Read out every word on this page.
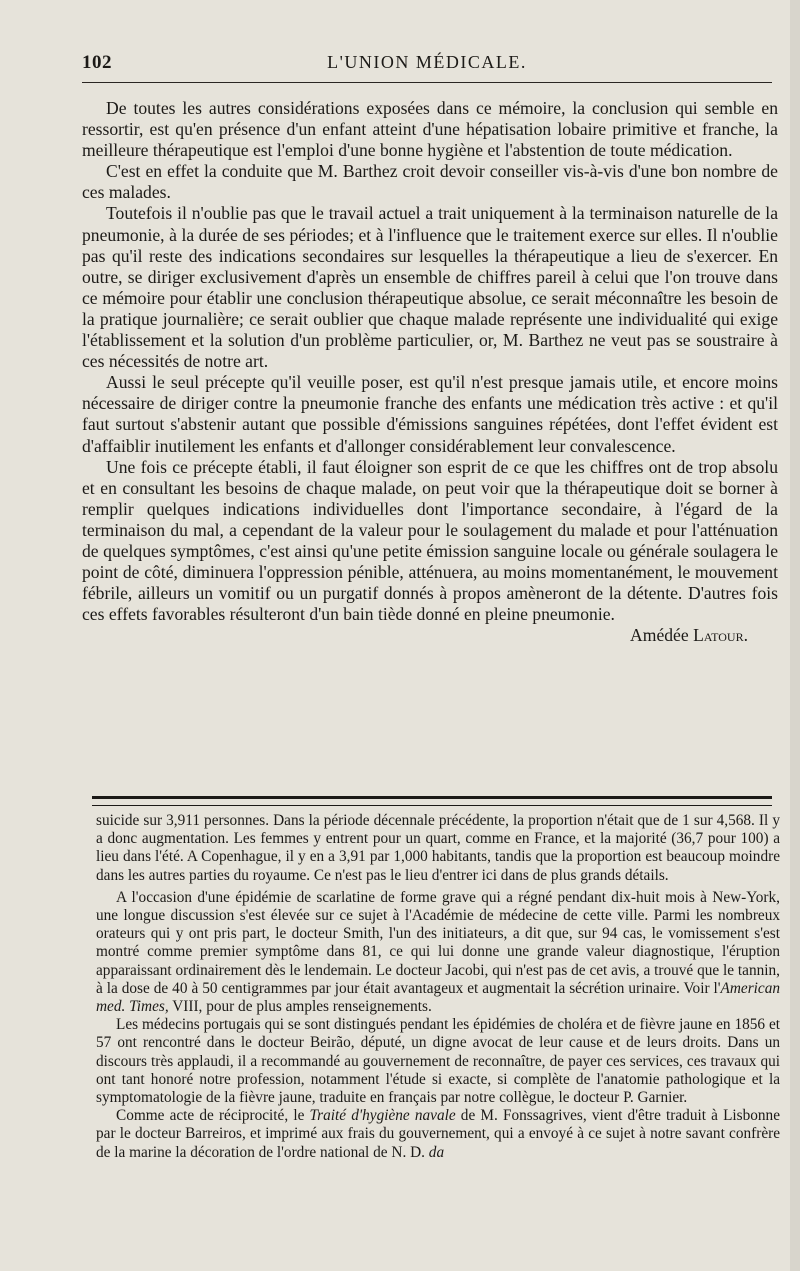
102	L'UNION MÉDICALE.

De toutes les autres considérations exposées dans ce mémoire, la conclusion qui semble en ressortir, est qu'en présence d'un enfant atteint d'une hépatisation lobaire primitive et franche, la meilleure thérapeutique est l'emploi d'une bonne hygiène et l'abstention de toute médication.

C'est en effet la conduite que M. Barthez croit devoir conseiller vis-à-vis d'une bon nombre de ces malades.

Toutefois il n'oublie pas que le travail actuel a trait uniquement à la terminaison naturelle de la pneumonie, à la durée de ses périodes; et à l'influence que le traitement exerce sur elles. Il n'oublie pas qu'il reste des indications secondaires sur lesquelles la thérapeutique a lieu de s'exercer. En outre, se diriger exclusivement d'après un ensemble de chiffres pareil à celui que l'on trouve dans ce mémoire pour établir une conclusion thérapeutique absolue, ce serait méconnaître les besoin de la pratique journalière; ce serait oublier que chaque malade représente une individualité qui exige l'établissement et la solution d'un problème particulier, or, M. Barthez ne veut pas se soustraire à ces nécessités de notre art.

Aussi le seul précepte qu'il veuille poser, est qu'il n'est presque jamais utile, et encore moins nécessaire de diriger contre la pneumonie franche des enfants une médication très active : et qu'il faut surtout s'abstenir autant que possible d'émissions sanguines répétées, dont l'effet évident est d'affaiblir inutilement les enfants et d'allonger considérablement leur convalescence.

Une fois ce précepte établi, il faut éloigner son esprit de ce que les chiffres ont de trop absolu et en consultant les besoins de chaque malade, on peut voir que la thérapeutique doit se borner à remplir quelques indications individuelles dont l'importance secondaire, à l'égard de la terminaison du mal, a cependant de la valeur pour le soulagement du malade et pour l'atténuation de quelques symptômes, c'est ainsi qu'une petite émission sanguine locale ou générale soulagera le point de côté, diminuera l'oppression pénible, atténuera, au moins momentanément, le mouvement fébrile, ailleurs un vomitif ou un purgatif donnés à propos amèneront de la détente. D'autres fois ces effets favorables résulteront d'un bain tiède donné en pleine pneumonie.

Amédée Latour.

suicide sur 3,911 personnes. Dans la période décennale précédente, la proportion n'était que de 1 sur 4,568. Il y a donc augmentation. Les femmes y entrent pour un quart, comme en France, et la majorité (36,7 pour 100) a lieu dans l'été. A Copenhague, il y en a 3,91 par 1,000 habitants, tandis que la proportion est beaucoup moindre dans les autres parties du royaume. Ce n'est pas le lieu d'entrer ici dans de plus grands détails.

A l'occasion d'une épidémie de scarlatine de forme grave qui a régné pendant dix-huit mois à New-York, une longue discussion s'est élevée sur ce sujet à l'Académie de médecine de cette ville. Parmi les nombreux orateurs qui y ont pris part, le docteur Smith, l'un des initiateurs, a dit que, sur 94 cas, le vomissement s'est montré comme premier symptôme dans 81, ce qui lui donne une grande valeur diagnostique, l'éruption apparaissant ordinairement dès le lendemain. Le docteur Jacobi, qui n'est pas de cet avis, a trouvé que le tannin, à la dose de 40 à 50 centigrammes par jour était avantageux et augmentait la sécrétion urinaire. Voir l'American med. Times, VIII, pour de plus amples renseignements.

Les médecins portugais qui se sont distingués pendant les épidémies de choléra et de fièvre jaune en 1856 et 57 ont rencontré dans le docteur Beirão, député, un digne avocat de leur cause et de leurs droits. Dans un discours très applaudi, il a recommandé au gouvernement de reconnaître, de payer ces services, ces travaux qui ont tant honoré notre profession, notamment l'étude si exacte, si complète de l'anatomie pathologique et la symptomatologie de la fièvre jaune, traduite en français par notre collègue, le docteur P. Garnier.

Comme acte de réciprocité, le Traité d'hygiène navale de M. Fonssagrives, vient d'être traduit à Lisbonne par le docteur Barreiros, et imprimé aux frais du gouvernement, qui a envoyé à ce sujet à notre savant confrère de la marine la décoration de l'ordre national de N. D. da
